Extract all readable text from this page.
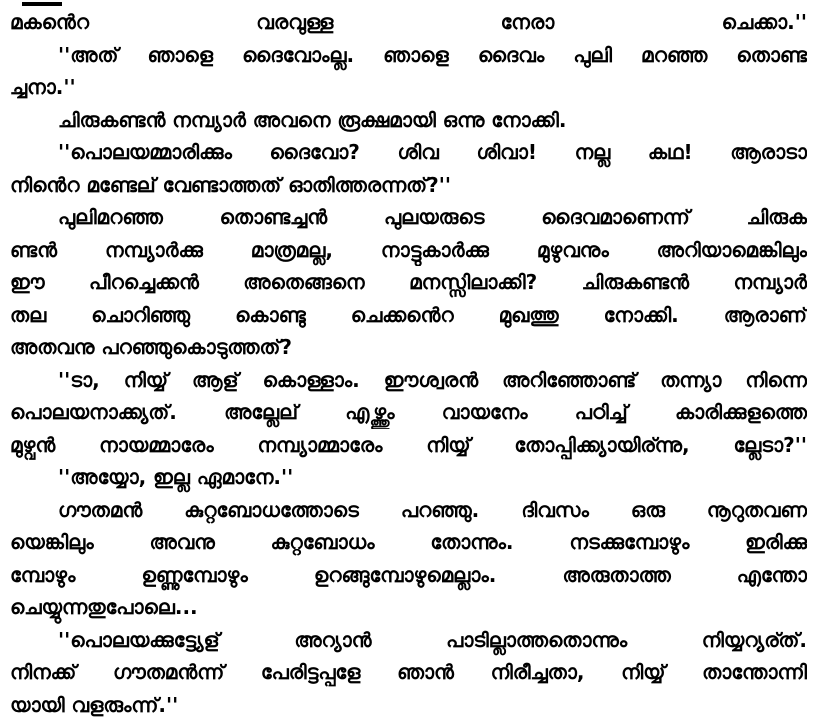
മകൻെറ വരവുള്ള നേരാ ചെക്കാ.''
''അത് ഞാളെ ദൈവോംല്ല. ഞാളെ ദൈവം പുലി മറഞ്ഞ തൊണ്ട
ച്ചനാ.''
ചിരുകണ്ടൻ നമ്പ്യാർ അവനെ രൂക്ഷമായി ഒന്നു നോക്കി.
''പൊലയമ്മാരിക്കും ദൈവോ? ശിവ ശിവാ! നല്ല കഥ! ആരാടാ
നിൻെറ മണ്ടേല് വേണ്ടാത്തത് ഓതിത്തരന്നത്?''
പുലിമറഞ്ഞ തൊണ്ടച്ചൻ പുലയരുടെ ദൈവമാണെന്ന് ചിരുക
ണ്ടൻ നമ്പ്യാർക്കു മാത്രമല്ല, നാട്ടുകാർക്കു മുഴുവനും അറിയാമെങ്കിലും
ഈ പീറച്ചെക്കൻ അതെങ്ങനെ മനസ്സിലാക്കി? ചിരുകണ്ടൻ നമ്പ്യാർ
തല ചൊറിഞ്ഞു കൊണ്ടു ചെക്കൻെറ മുഖത്തു നോക്കി. ആരാണ്
അതവനു പറഞ്ഞുകൊടുത്തത്?
''ടാ, നിയ്യ് ആള് കൊള്ളാം. ഈശ്വരൻ അറിഞ്ഞോണ്ട് തന്ന്യാ നിന്നെ
പൊലയനാക്ക്യത്. അല്ലേല് എഴ്ത്തും വായനേം പഠിച്ച് കാരിക്കുളത്തെ
മുഴ്വൻ നായമ്മാരേം നമ്പ്യാമ്മാരേം നിയ്യ് തോപ്പിക്ക്യായിര്ന്നു, ല്ലേടാ?''
''അയ്യോ, ഇല്ല ഏമാനേ.''
ഗൗതമൻ കുറ്റബോധത്തോടെ പറഞ്ഞു. ദിവസം ഒരു നൂറുതവണ
യെങ്കിലും അവനു കുറ്റബോധം തോന്നും. നടക്കുമ്പോഴും ഇരിക്കു
മ്പോഴും ഉണ്ണുമ്പോഴും ഉറങ്ങുമ്പോഴുമെല്ലാം. അരുതാത്ത എന്തോ
ചെയ്യുന്നതുപോലെ...
''പൊലയക്കുട്ട്യേള് അറ്യാൻ പാടില്ലാത്തതൊന്നും നിയ്യറ്യര്ത്.
നിനക്ക് ഗൗതമൻന്ന് പേരിട്ടപ്പളേ ഞാൻ നിരീച്ചതാ, നിയ്യ് താന്തോന്നി
യായി വളരുംന്ന്.''
